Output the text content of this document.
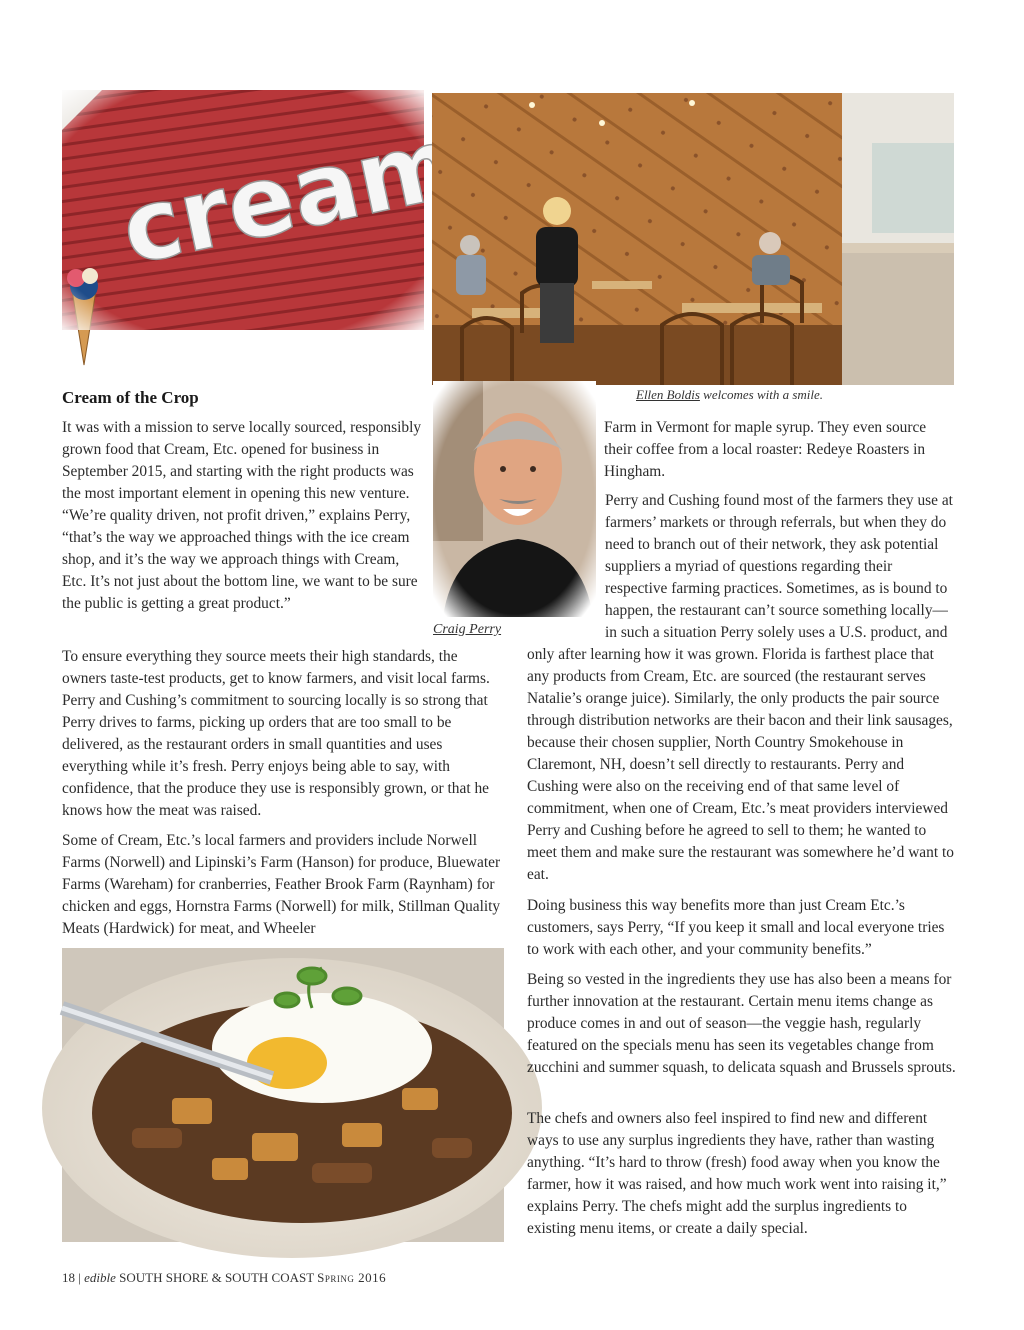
Ellen Boldis welcomes with a smile.
Craig Perry
Cream of the Crop

It was with a mission to serve locally sourced, responsibly grown food that Cream, Etc. opened for business in September 2015, and starting with the right products was the most important element in opening this new venture. “We’re quality driven, not profit driven,” explains Perry, “that’s the way we approached things with the ice cream shop, and it’s the way we approach things with Cream, Etc. It’s not just about the bottom line, we want to be sure the public is getting a great product.”

To ensure everything they source meets their high standards, the owners taste-test products, get to know farmers, and visit local farms. Perry and Cushing’s commitment to sourcing locally is so strong that Perry drives to farms, picking up orders that are too small to be delivered, as the restaurant orders in small quantities and uses everything while it’s fresh. Perry enjoys being able to say, with confidence, that the produce they use is responsibly grown, or that he knows how the meat was raised.

Some of Cream, Etc.’s local farmers and providers include Norwell Farms (Norwell) and Lipinski’s Farm (Hanson) for produce, Bluewater Farms (Wareham) for cranberries, Feather Brook Farm (Raynham) for chicken and eggs, Hornstra Farms (Norwell) for milk, Stillman Quality Meats (Hardwick) for meat, and Wheeler

Farm in Vermont for maple syrup. They even source their coffee from a local roaster: Redeye Roasters in Hingham.

Perry and Cushing found most of the farmers they use at farmers’ markets or through referrals, but when they do need to branch out of their network, they ask potential suppliers a myriad of questions regarding their respective farming practices. Sometimes, as is bound to happen, the restaurant can’t source something locally—in such a situation Perry solely uses a U.S. product, and only after learning how it was grown. Florida is farthest place that any products from Cream, Etc. are sourced (the restaurant serves Natalie’s orange juice). Similarly, the only products the pair source through distribution networks are their bacon and their link sausages, because their chosen supplier, North Country Smokehouse in Claremont, NH, doesn’t sell directly to restaurants. Perry and Cushing were also on the receiving end of that same level of commitment, when one of Cream, Etc.’s meat providers interviewed Perry and Cushing before he agreed to sell to them; he wanted to meet them and make sure the restaurant was somewhere he’d want to eat.

Doing business this way benefits more than just Cream Etc.’s customers, says Perry, “If you keep it small and local everyone tries to work with each other, and your community benefits.”

Being so vested in the ingredients they use has also been a means for further innovation at the restaurant. Certain menu items change as produce comes in and out of season—the veggie hash, regularly featured on the specials menu has seen its vegetables change from zucchini and summer squash, to delicata squash and Brussels sprouts.

The chefs and owners also feel inspired to find new and different ways to use any surplus ingredients they have, rather than wasting anything. “It’s hard to throw (fresh) food away when you know the farmer, how it was raised, and how much work went into raising it,” explains Perry. The chefs might add the surplus ingredients to existing menu items, or create a daily special.

18 | edible SOUTH SHORE & SOUTH COAST Spring 2016
